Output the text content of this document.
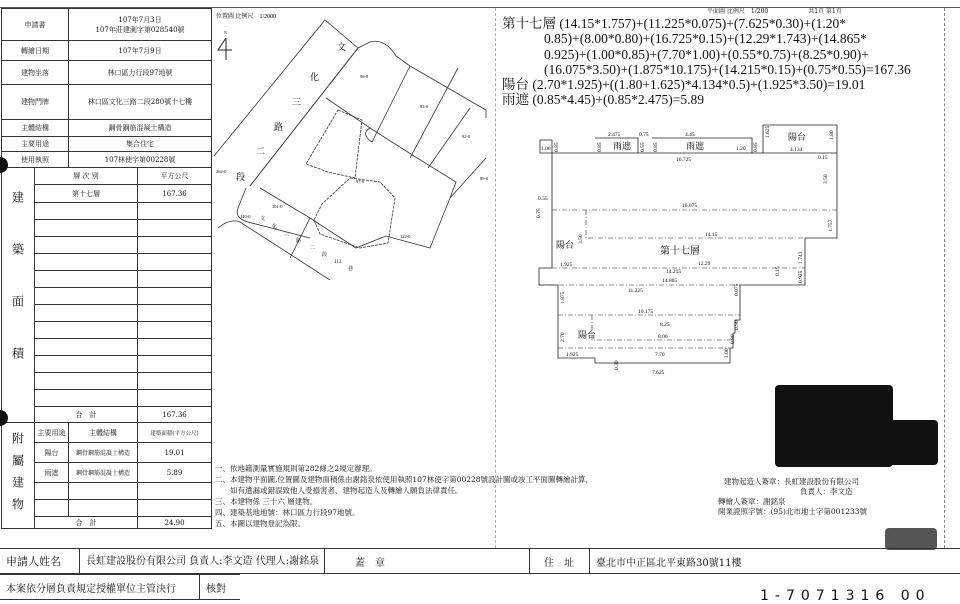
申請書		107年7月3日
107年莊建測字第028540號	

轉繪日期		107年7月9日	
建物坐落		林口區力行段97地號	
建物門牌		林口區文化三路二段280號十七樓	
主體結構		鋼骨鋼筋混凝土構造	
主要用途		集合住宅	
使用執照		107林使字第00228號	
建築面積	層 次 別		平方公尺
	第十七層		167.36

	合　計		167.36
附屬建物	主要用途	主體結構	建築面積(平方公尺)
	陽台	鋼骨鋼筋混凝土構造	19.01
	雨遮	鋼骨鋼筋混凝土構造	5.89

	合　計		24.90
位置圖 比例尺　1/2000
N
文
化
三
路
二
段
文
化
三
路
二
段
113
巷
96-0
93-0
92-0
89-0
262-0
101-0
140-0
122-0
97-0
平面圖 比例尺　1/200	共1頁 第1頁
第十七層 (14.15*1.757)+(11.225*0.075)+(7.625*0.30)+(1.20*
0.85)+(8.00*0.80)+(16.725*0.15)+(12.29*1.743)+(14.865*
0.925)+(1.00*0.85)+(7.70*1.00)+(0.55*0.75)+(8.25*0.90)+
(16.075*3.50)+(1.875*10.175)+(14.215*0.15)+(0.75*0.55)=167.36
陽台 (2.70*1.925)+((1.80+1.625)*4.134*0.5)+(1.925*3.50)=19.01
雨遮 (0.85*4.45)+(0.85*2.475)=5.89
雨遮	雨遮
陽台
陽台
第十七層
陽台
1.00 0.85
2.475
0.85
0.75
0.55 0.85
4.45
1.20 0.85
1.625
4.134
1.80
0.15
16.725
3.50
0.55
0.75
16.075
1.757
3.50	14.15
1.925	12.29	1.743
14.215	0.15
14.865	0.925
11.225	0.075
1.875
10.175
8.25	0.90
2.70	8.00	0.80
1.925	7.70	1.00
0.30
7.625
一、依地籍測量實施規則第282條之2規定辦理。
二、本建物平面圖,位置圖及建物面積係由謝銘泉依使用執照107林使字第00228號設計圖或竣工平面圖轉繪計算，
　　如有遺漏或錯誤致他人受損害者，建物起造人及轉繪人願負法律責任。
三、本建物係 三十六 層建物。
四、建築基地地號：林口區力行段97地號。
五、本圖以建物登記為限。
建物起造人簽章：長虹建設股份有限公司
負責人：李文造
轉繪人簽章：謝銘泉
開業證照字號：(95)北市地士字第001233號
申請人姓名	長虹建設股份有限公司 負責人:李文造 代理人:謝銘泉	蓋　章	住　址	臺北市中正區北平東路30號11樓
本案依分層負責規定授權單位主管決行	核對	1-7071316 00
